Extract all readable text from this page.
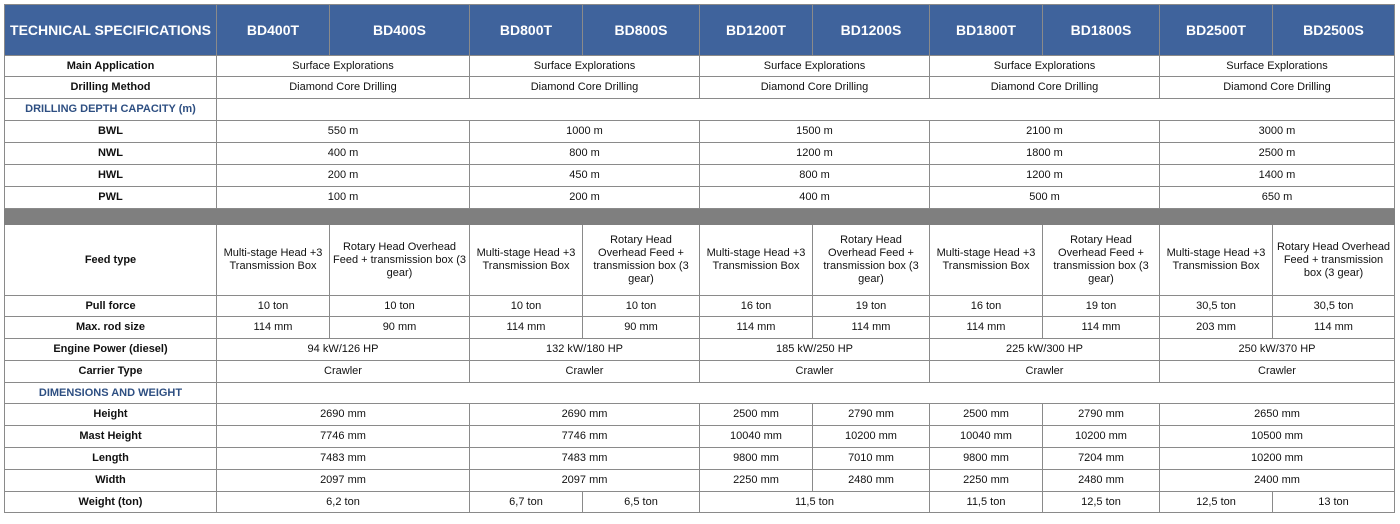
TECHNICAL SPECIFICATIONS	BD400T	BD400S	BD800T	BD800S	BD1200T	BD1200S	BD1800T	BD1800S	BD2500T	BD2500S
Main Application	Surface Explorations		Surface Explorations		Surface Explorations		Surface Explorations		Surface Explorations	
Drilling Method	Diamond Core Drilling		Diamond Core Drilling		Diamond Core Drilling		Diamond Core Drilling		Diamond Core Drilling	
DRILLING DEPTH CAPACITY (m)										
BWL	550 m		1000 m		1500 m		2100 m		3000 m	
NWL	400 m		800 m		1200 m		1800 m		2500 m	
HWL	200 m		450 m		800 m		1200 m		1400 m	
PWL	100 m		200 m		400 m		500 m		650 m	

Feed type	Multi-stage Head +3 Transmission Box	Rotary Head Overhead Feed + transmission box (3 gear)	Multi-stage Head +3 Transmission Box	Rotary Head Overhead Feed + transmission box (3 gear)	Multi-stage Head +3 Transmission Box	Rotary Head Overhead Feed + transmission box (3 gear)	Multi-stage Head +3 Transmission Box	Rotary Head Overhead Feed + transmission box (3 gear)	Multi-stage Head +3 Transmission Box	Rotary Head Overhead Feed + transmission box (3 gear)
Pull force	10 ton	10 ton	10 ton	10 ton	16 ton	19 ton	16 ton	19 ton	30,5 ton	30,5 ton
Max. rod size	114 mm	90 mm	114 mm	90 mm	114 mm	114 mm	114 mm	114 mm	203 mm	114 mm
Engine Power (diesel)	94 kW/126 HP		132 kW/180 HP		185 kW/250 HP		225 kW/300 HP		250 kW/370 HP	
Carrier Type	Crawler		Crawler		Crawler		Crawler		Crawler	
DIMENSIONS AND WEIGHT										
Height	2690 mm		2690 mm		2500 mm	2790 mm	2500 mm	2790 mm	2650 mm	
Mast Height	7746 mm		7746 mm		10040 mm	10200 mm	10040 mm	10200 mm	10500 mm	
Length	7483 mm		7483 mm		9800 mm	7010 mm	9800 mm	7204 mm	10200 mm	
Width	2097 mm		2097 mm		2250 mm	2480 mm	2250 mm	2480 mm	2400 mm	
Weight (ton)	6,2 ton		6,7 ton	6,5 ton	11,5 ton		11,5 ton	12,5 ton	12,5 ton	13 ton
